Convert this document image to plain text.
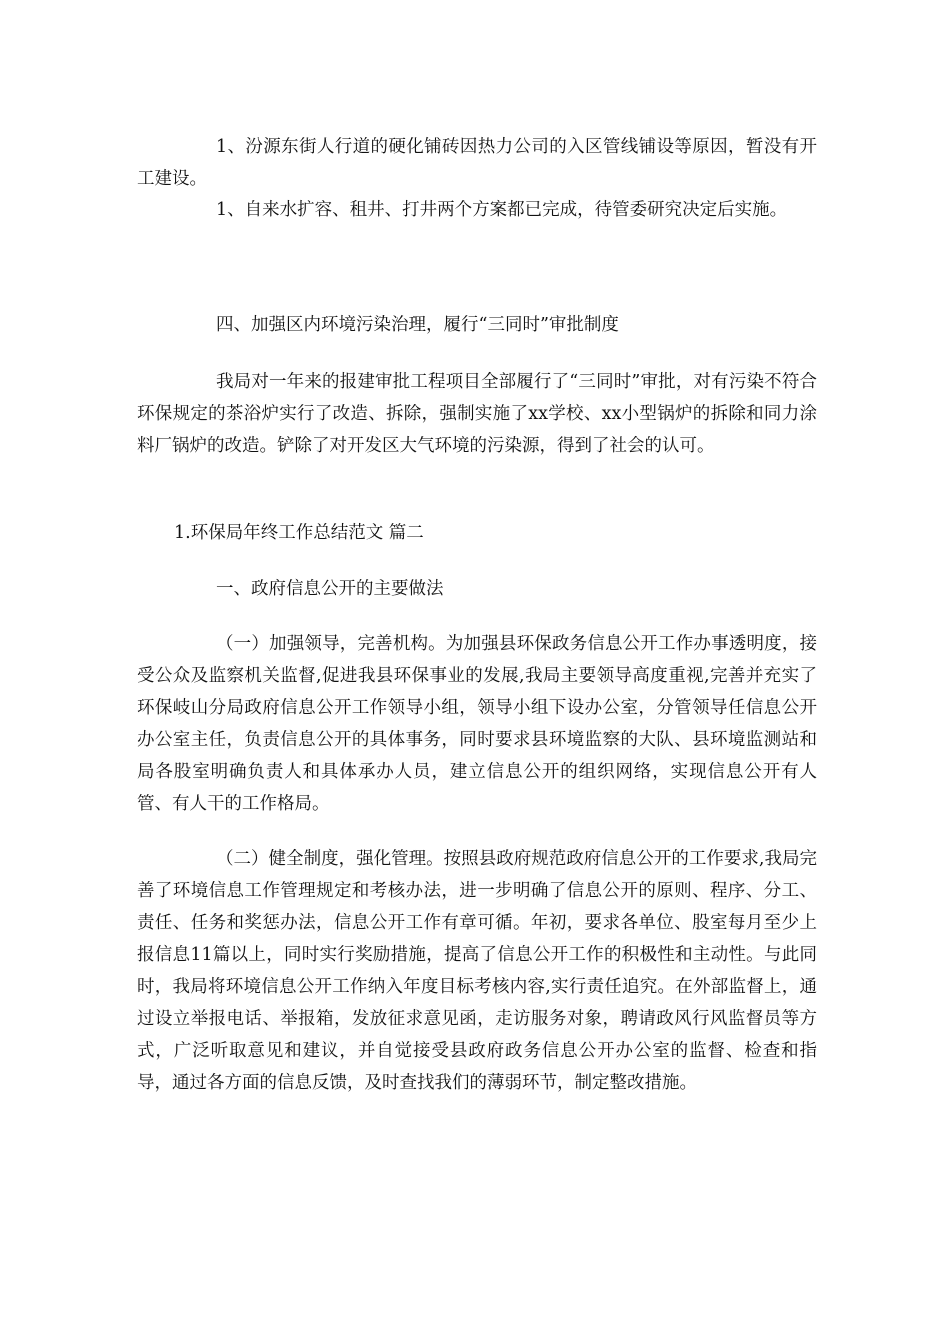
1、汾源东街人行道的硬化铺砖因热力公司的入区管线铺设等原因，暂没有开工建设。

1、自来水扩容、租井、打井两个方案都已完成，待管委研究决定后实施。

四、加强区内环境污染治理，履行“三同时”审批制度

我局对一年来的报建审批工程项目全部履行了“三同时”审批，对有污染不符合环保规定的茶浴炉实行了改造、拆除，强制实施了xx学校、xx小型锅炉的拆除和同力涂料厂锅炉的改造。铲除了对开发区大气环境的污染源，得到了社会的认可。

1.环保局年终工作总结范文 篇二

一、政府信息公开的主要做法

（一）加强领导，完善机构。为加强县环保政务信息公开工作办事透明度，接受公众及监察机关监督,促进我县环保事业的发展,我局主要领导高度重视,完善并充实了环保岐山分局政府信息公开工作领导小组，领导小组下设办公室，分管领导任信息公开办公室主任，负责信息公开的具体事务，同时要求县环境监察的大队、县环境监测站和局各股室明确负责人和具体承办人员，建立信息公开的组织网络，实现信息公开有人管、有人干的工作格局。

（二）健全制度，强化管理。按照县政府规范政府信息公开的工作要求,我局完善了环境信息工作管理规定和考核办法，进一步明确了信息公开的原则、程序、分工、责任、任务和奖惩办法，信息公开工作有章可循。年初，要求各单位、股室每月至少上报信息11篇以上，同时实行奖励措施，提高了信息公开工作的积极性和主动性。与此同时，我局将环境信息公开工作纳入年度目标考核内容,实行责任追究。在外部监督上，通过设立举报电话、举报箱，发放征求意见函，走访服务对象，聘请政风行风监督员等方式，广泛听取意见和建议，并自觉接受县政府政务信息公开办公室的监督、检查和指导，通过各方面的信息反馈，及时查找我们的薄弱环节，制定整改措施。
